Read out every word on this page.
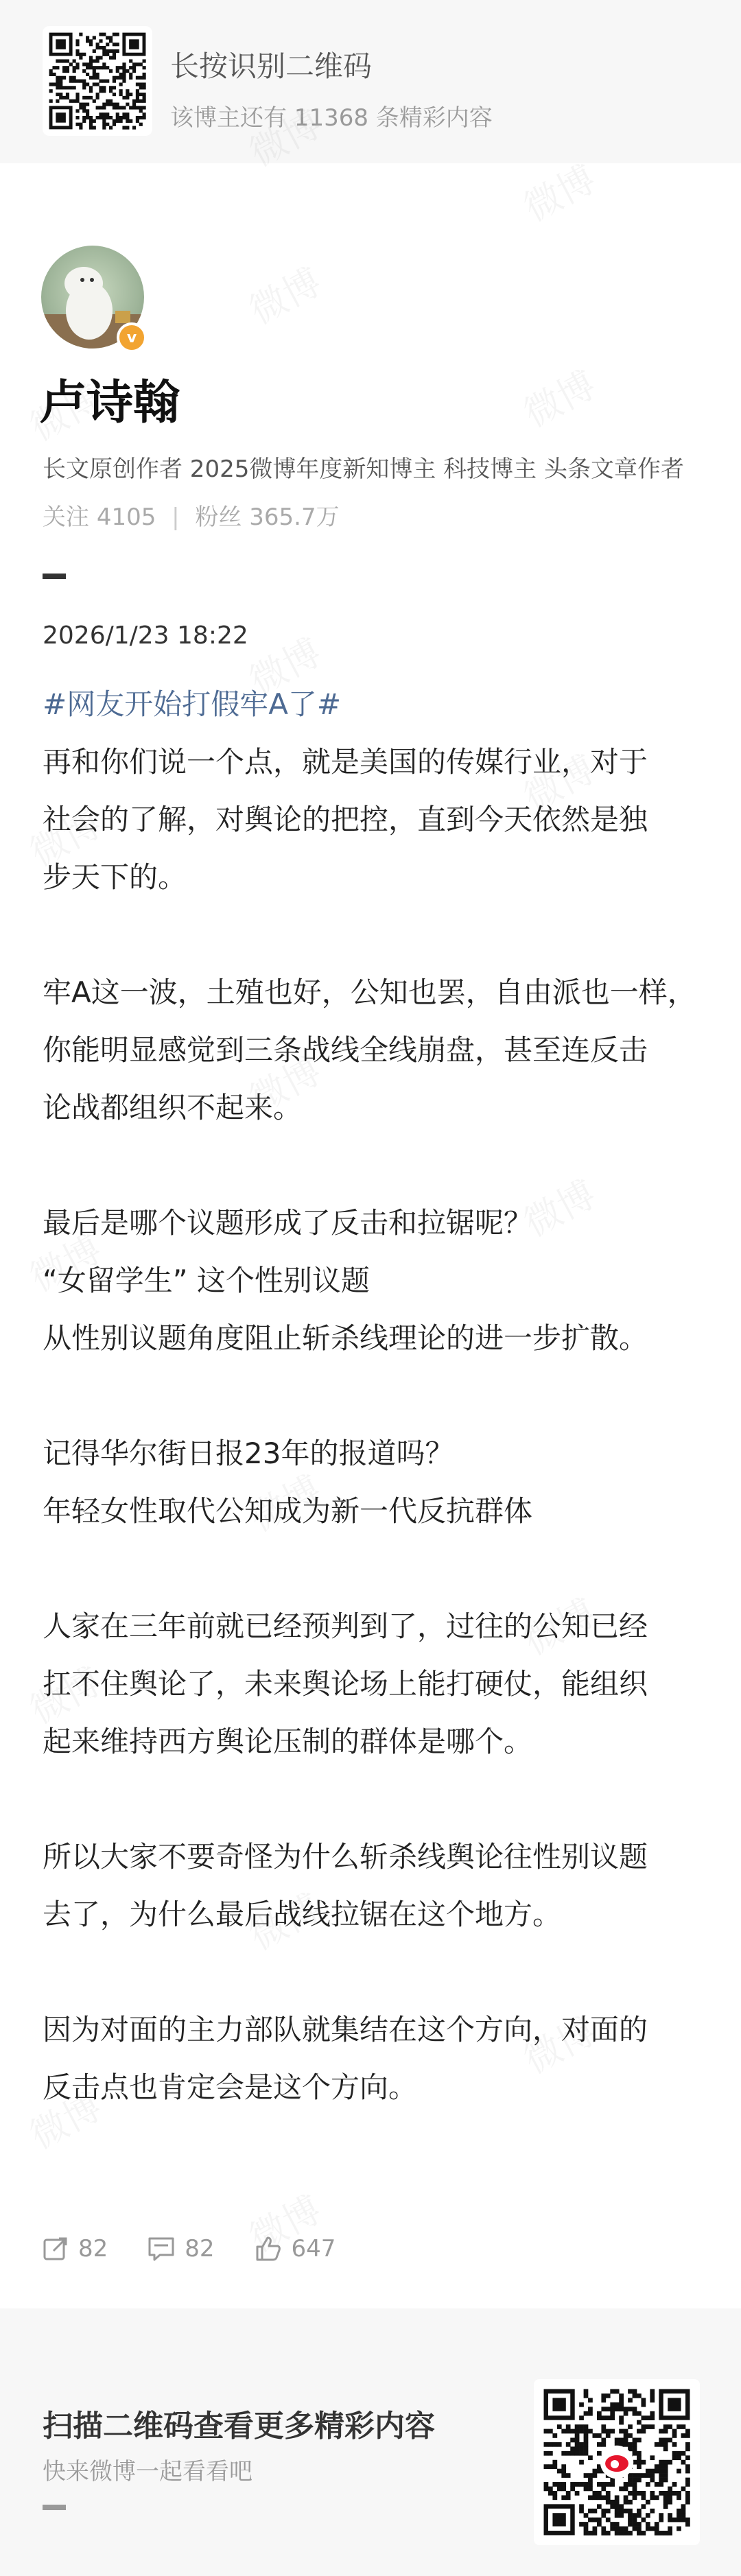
长按识别二维码
该博主还有 11368 条精彩内容
v
卢诗翰
长文原创作者 2025微博年度新知博主 科技博主 头条文章作者
关注 4105 | 粉丝 365.7万
2026/1/23 18:22

#网友开始打假牢A了#

再和你们说一个点，就是美国的传媒行业，对于

社会的了解，对舆论的把控，直到今天依然是独

步天下的。

牢A这一波，土殖也好，公知也罢，自由派也一样，

你能明显感觉到三条战线全线崩盘，甚至连反击

论战都组织不起来。

最后是哪个议题形成了反击和拉锯呢？

“女留学生” 这个性别议题

从性别议题角度阻止斩杀线理论的进一步扩散。

记得华尔街日报23年的报道吗？

年轻女性取代公知成为新一代反抗群体

人家在三年前就已经预判到了，过往的公知已经

扛不住舆论了，未来舆论场上能打硬仗，能组织

起来维持西方舆论压制的群体是哪个。

所以大家不要奇怪为什么斩杀线舆论往性别议题

去了，为什么最后战线拉锯在这个地方。

因为对面的主力部队就集结在这个方向，对面的

反击点也肯定会是这个方向。

82	82	647
扫描二维码查看更多精彩内容
快来微博一起看看吧
